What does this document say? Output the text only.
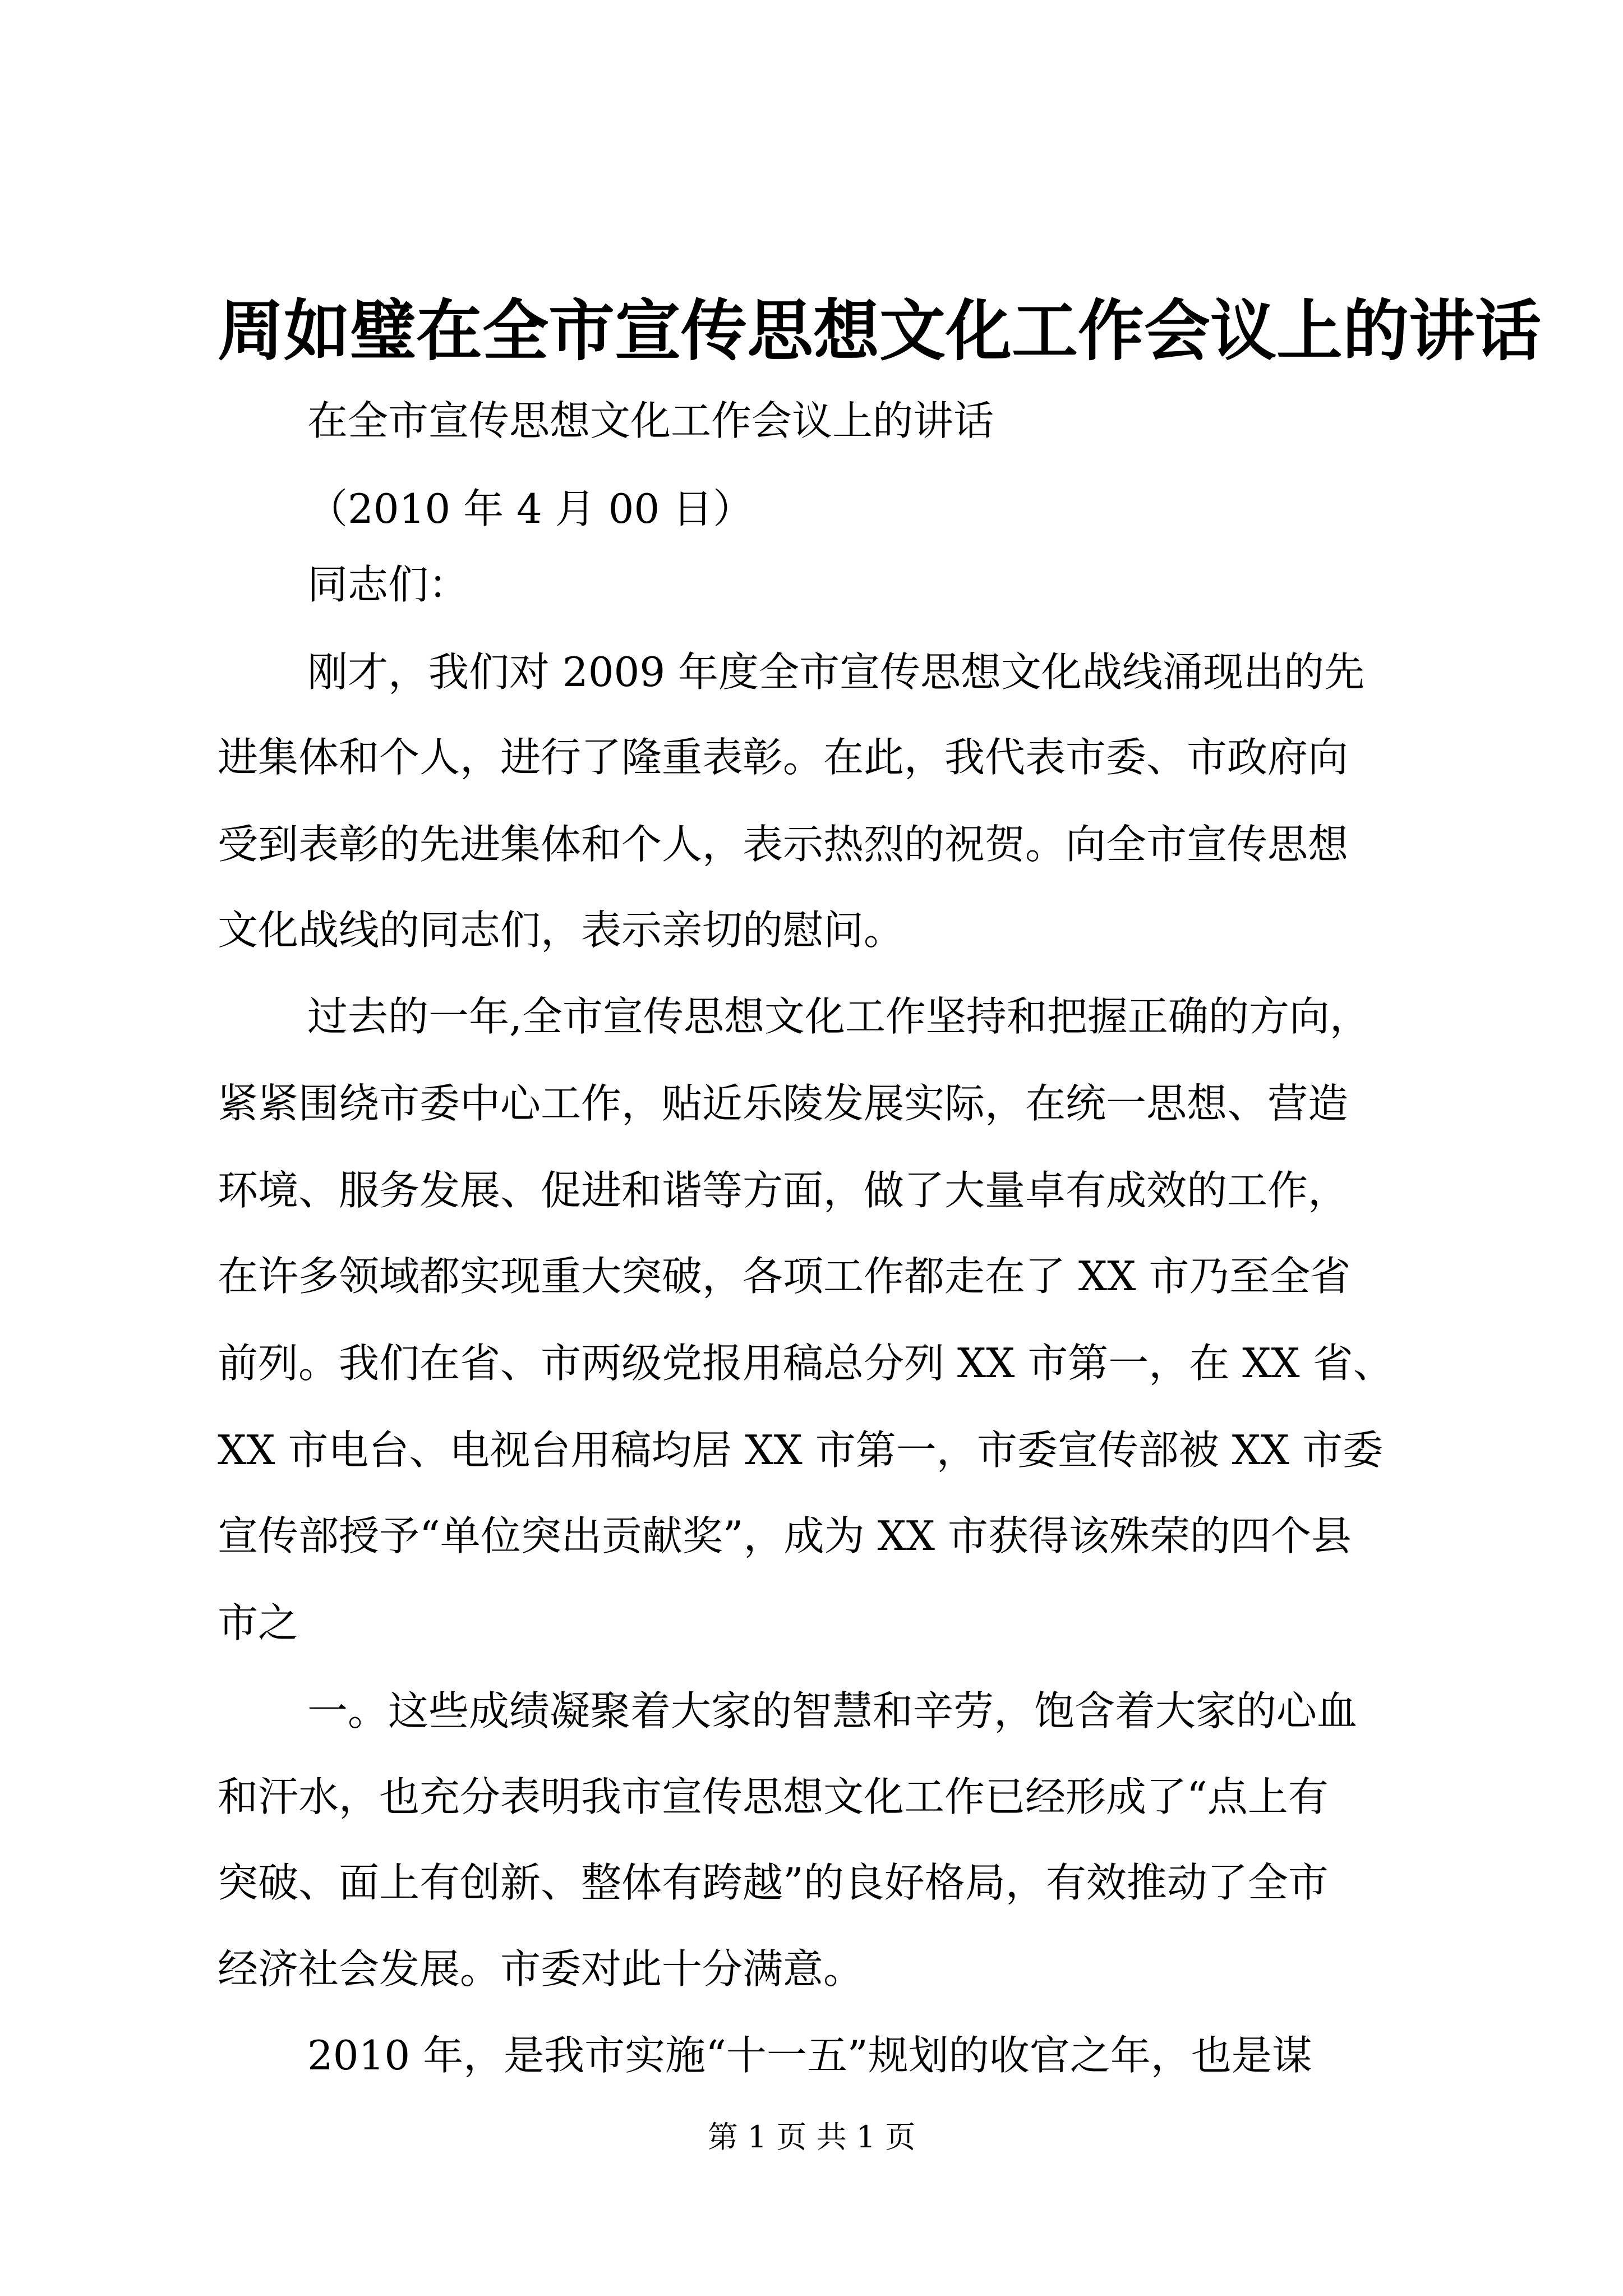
周如璧在全市宣传思想文化工作会议上的讲话

在全市宣传思想文化工作会议上的讲话

（2010 年 4 月 00 日）

同志们：

刚才，我们对 2009 年度全市宣传思想文化战线涌现出的先

进集体和个人，进行了隆重表彰。在此，我代表市委、市政府向

受到表彰的先进集体和个人，表示热烈的祝贺。向全市宣传思想

文化战线的同志们，表示亲切的慰问。

过去的一年,全市宣传思想文化工作坚持和把握正确的方向，

紧紧围绕市委中心工作，贴近乐陵发展实际，在统一思想、营造

环境、服务发展、促进和谐等方面，做了大量卓有成效的工作，

在许多领域都实现重大突破，各项工作都走在了 XX 市乃至全省

前列。我们在省、市两级党报用稿总分列 XX 市第一，在 XX 省、

XX 市电台、电视台用稿均居 XX 市第一，市委宣传部被 XX 市委

宣传部授予“单位突出贡献奖”，成为 XX 市获得该殊荣的四个县

市之

一。这些成绩凝聚着大家的智慧和辛劳，饱含着大家的心血

和汗水，也充分表明我市宣传思想文化工作已经形成了“点上有

突破、面上有创新、整体有跨越”的良好格局，有效推动了全市

经济社会发展。市委对此十分满意。

2010 年，是我市实施“十一五”规划的收官之年，也是谋

第 1 页 共 1 页
